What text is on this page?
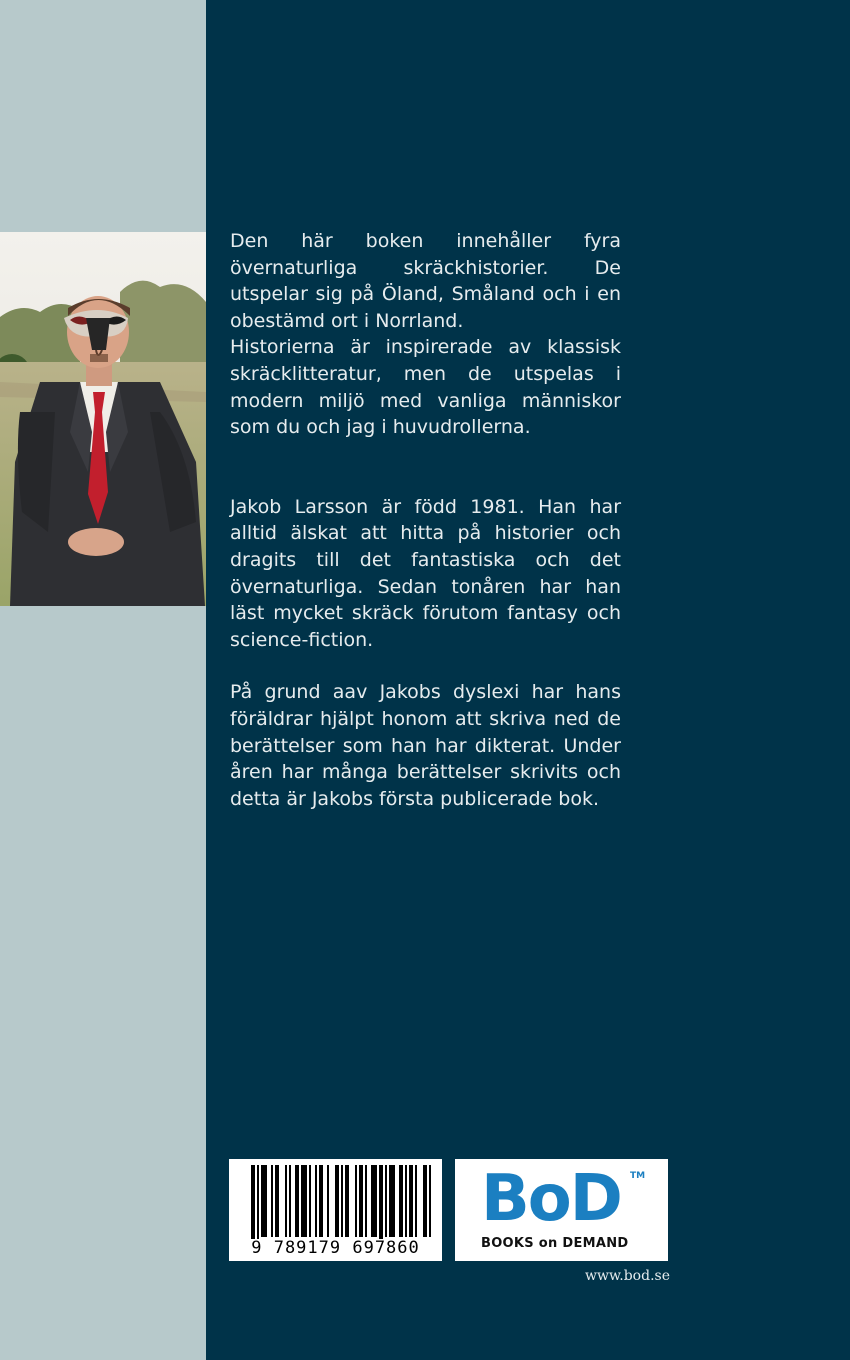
Den här boken innehåller fyra övernaturliga skräckhistorier. De utspelar sig på Öland, Småland och i en obestämd ort i Norrland.

Historierna är inspirerade av klassisk skräcklitteratur, men de utspelas i modern miljö med vanliga människor som du och jag i huvudrollerna.

Jakob Larsson är född 1981. Han har alltid älskat att hitta på historier och dragits till det fantastiska och det övernaturliga. Sedan tonåren har han läst mycket skräck förutom fantasy och science-fiction.

På grund aav Jakobs dyslexi har hans föräldrar hjälpt honom att skriva ned de berättelser som han har dikterat. Under åren har många berättelser skrivits och detta är Jakobs första publicerade bok.

9 789179 697860
BoD TM
BOOKS on DEMAND
www.bod.se
